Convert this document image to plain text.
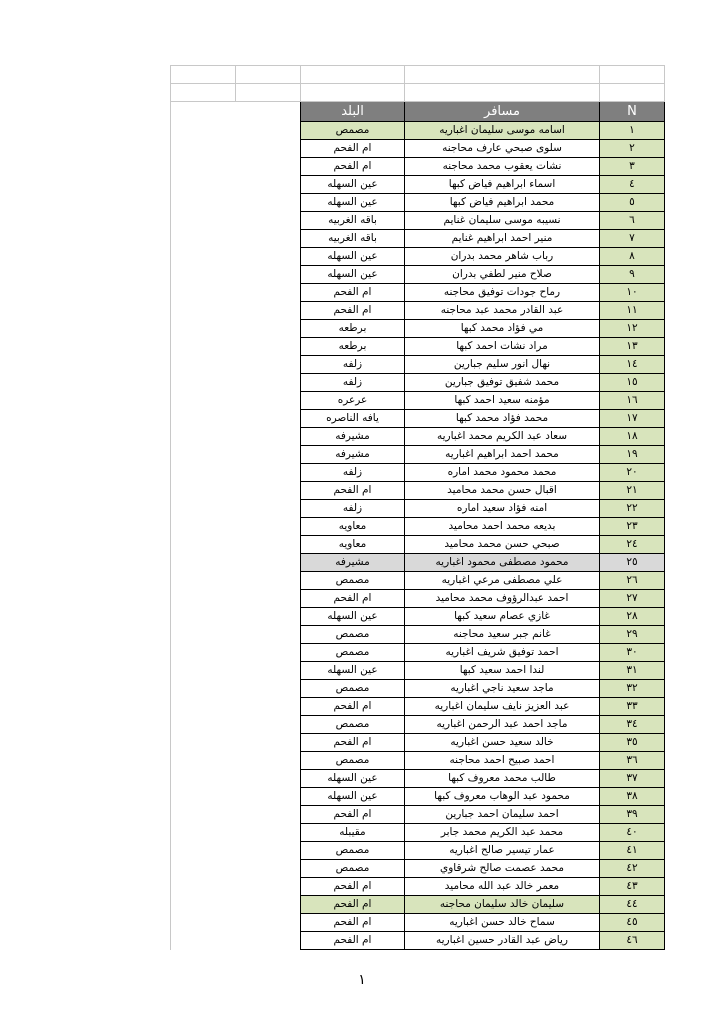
		البلد	مسافر	N
		مصمص	اسامه موسى سليمان اغباريه	١
		ام الفحم	سلوى صبحي عارف محاجنه	٢
		ام الفحم	نشات يعقوب محمد محاجنه	٣
		عين السهله	اسماء ابراهيم فياض كبها	٤
		عين السهله	محمد ابراهيم فياض كبها	٥
		باقه الغربيه	نسيبه موسى سليمان غنايم	٦
		باقه الغربيه	منير احمد ابراهيم غنايم	٧
		عين السهله	رباب شاهر محمد بدران	٨
		عين السهله	صلاح منير لطفي بدران	٩
		ام الفحم	رماح جودات توفيق محاجنه	١٠
		ام الفحم	عبد القادر محمد عبد محاجنه	١١
		برطعه	مي فؤاد محمد كبها	١٢
		برطعه	مراد نشات احمد كبها	١٣
		زلفه	نهال انور سليم جبارين	١٤
		زلفه	محمد شفيق توفيق جبارين	١٥
		عرعره	مؤمنه سعيد احمد كبها	١٦
		يافه الناصره	محمد فؤاد محمد كبها	١٧
		مشيرفه	سعاد عبد الكريم محمد اغباريه	١٨
		مشيرفه	محمد احمد ابراهيم اغباريه	١٩
		زلفه	محمد محمود محمد اماره	٢٠
		ام الفحم	اقبال حسن محمد محاميد	٢١
		زلفه	امنه فؤاد سعيد اماره	٢٢
		معاويه	بديعه محمد احمد محاميد	٢٣
		معاويه	صبحي حسن محمد محاميد	٢٤
		مشيرفه	محمود مصطفى محمود اغباريه	٢٥
		مصمص	علي مصطفى مرعي اغباريه	٢٦
		ام الفحم	احمد عبدالرؤوف محمد محاميد	٢٧
		عين السهله	غازي عصام سعيد كبها	٢٨
		مصمص	غانم جبر سعيد محاجنه	٢٩
		مصمص	احمد توفيق شريف اغباريه	٣٠
		عين السهله	لندا احمد سعيد كبها	٣١
		مصمص	ماجد سعيد ناجي اغباريه	٣٢
		ام الفحم	عبد العزيز نايف سليمان اغباريه	٣٣
		مصمص	ماجد احمد عبد الرحمن اغباريه	٣٤
		ام الفحم	خالد سعيد حسن اغباريه	٣٥
		مصمص	احمد صبيح احمد محاجنه	٣٦
		عين السهله	طالب محمد معروف كبها	٣٧
		عين السهله	محمود عبد الوهاب معروف كبها	٣٨
		ام الفحم	احمد سليمان احمد جبارين	٣٩
		مقيبله	محمد عبد الكريم محمد جابر	٤٠
		مصمص	عمار تيسير صالح اغباريه	٤١
		مصمص	محمد عصمت صالح شرقاوي	٤٢
		ام الفحم	معمر خالد عبد الله محاميد	٤٣
		ام الفحم	سليمان خالد سليمان محاجنه	٤٤
		ام الفحم	سماح خالد حسن اغباريه	٤٥
		ام الفحم	رياض عبد القادر حسين اغباريه	٤٦
١
